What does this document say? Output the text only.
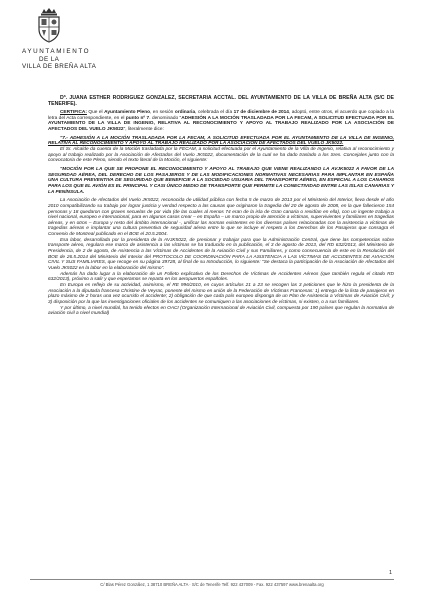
AYUNTAMIENTO
DE LA
VILLA DE BREÑA ALTA

Dª. JUANA ESTHER RODRIGUEZ GONZALEZ, SECRETARIA ACCTAL. DEL AYUNTAMIENTO DE LA VILLA DE BREÑA ALTA (S/C DE TENERIFE).

CERTIFICA: Que el Ayuntamiento Pleno, en sesión ordinaria, celebrada el día 17 de diciembre de 2014, adoptó, entre otros, el acuerdo que copiado a la letra del Acta correspondiente, en el punto nº 7. denominado "ADHESIÓN A LA MOCIÓN TRASLADADA POR LA FECAM, A SOLICITUD EFECTUADA POR EL AYUNTAMIENTO DE LA VILLA DE INGENIO, RELATIVA AL RECONOCIMIENTO Y APOYO AL TRABAJO REALIZADO POR LA ASOCIACIÓN DE AFECTADOS DEL VUELO JK5022", literalmente dice:

"7.- ADHESIÓN A LA MOCIÓN TRASLADADA POR LA FECAM, A SOLICITUD EFECTUADA POR EL AYUNTAMIENTO DE LA VILLA DE INGENIO, RELATIVA AL RECONOCIMIENTO Y APOYO AL TRABAJO REALIZADO POR LA ASOCIACIÓN DE AFECTADOS DEL VUELO JK5022.

El Sr. Alcalde da cuenta de la Moción trasladada por la FECAM, a solicitud efectuada por el Ayuntamiento de la Villa de Ingenio, relativa al reconocimiento y apoyo al trabajo realizado por la Asociación de Afectados del Vuelo JK5022, documentación de la cual se ha dado traslado a los Sres. Concejales junto con la convocatoria de este Pleno, siendo el texto literal de la Moción, el siguiente:

"MOCIÓN POR LA QUE SE PROPONE EL RECONOCIMIENTO Y APOYO AL TRABAJO QUE VIENE REALIZANDO LA AVJK5022 A FAVOR DE LA SEGURIDAD AÉREA, DEL DERECHO DE LOS PASAJEROS Y DE LAS MODIFICACIONES NORMATIVAS NECESARIAS PARA IMPLANTAR EN ESPAÑA UNA CULTURA PREVENTIVA DE SEGURIDAD QUE BENEFICIE A LA SOCIEDAD USUARIA DEL TRANSPORTE AÉREO, EN ESPECIAL A LOS CANARIOS PARA LOS QUE EL AVIÓN ES EL PRINCIPAL Y CASI ÚNICO MEDIO DE TRANSPORTE QUE PERMITE LA CONECTIVIDAD ENTRE LAS ISLAS CANARIAS Y LA PENÍNSULA.

La Asociación de Afectados del Vuelo JK5022, reconocida de utilidad pública con fecha 5 de marzo de 2013 por el Ministerio del Interior, lleva desde el año 2010 compatibilizando su trabajo por lograr justicia y verdad respecto a las causas que originaron la tragedia del 20 de agosto de 2008, en la que fallecieron 154 personas y 18 quedaron con graves secuelas de por vida (de las cuales al menos 74 eran de la isla de Gran canaria o residían en ella), con un ingente trabajo a nivel nacional, europeo e internacional, para en algunos casos crear – en España – un marco propio de atención a víctimas, supervivientes y familiares en tragedias aéreas, y en otros – Europa y resto del ámbito internacional -, unificar las normas existentes en los diversos países relacionadas con la asistencia a víctimas de tragedias aéreas e implantar una cultura preventiva de seguridad aérea entre lo que se incluye el respeto a los Derechos de los Pasajeros que consagra el Convenio de Montreal publicado en el BOE el 20.5.2004.

Esa labor, desarrollada por la presidenta de la AVJK5022, de presionar y trabajar para que la Administración Central, que tiene las competencias sobre transporte aéreo, regulara ese marco de asistencia a las víctimas se ha traducido en la publicación, el 3 de agosto de 2013, del RD 632/2013, del Ministerio de Presidencia, de 2 de agosto, de Asistencia a las Víctimas de Accidentes de la Aviación Civil y sus Familiares, y como consecuencia de este en la Resolución del BOE de 26.5.2014 del Ministerio del Interior del PROTOCOLO DE COORDINACIÓN PARA LA ASISTENCIA A LAS VÍCTIMAS DE ACCIDENTES DE AVIACIÓN CIVIL Y SUS FAMILIARES, que recoge en su página 39728, al final de su Introducción, lo siguiente: "Se destaca la participación de la Asociación de Afectados del Vuelo JK5022 en la labor en la elaboración del mismo".

Además ha dado lugar a la elaboración de un Folleto explicativo de los Derechos de Víctimas de Accidentes Aéreos (que también regula el citado RD 632/2013), próximo a salir y que esperamos se reparta en los aeropuertos españoles.

En Europa es reflejo de su actividad, asimismo, el RE 996/2010, en cuyos artículos 21 a 23 se recogen las 3 peticiones que le hizo la presidenta de la Asociación a la diputada francesa Christine de Veyrac, ponente del mismo en unión de la Federación de Víctimas Francesas: 1) entrega de la lista de pasajeros en plazo máximo de 2 horas una vez ocurrido el accidente; 2) obligación de que cada país europeo disponga de un Plan de Asistencia a Víctimas de Aviación Civil; y 3) disposición por la que las investigaciones oficiales de los accidentes se comuniquen a las asociaciones de víctimas, si existen, o a sus familiares.

Y por último, a nivel mundial, ha tenido efectos en OACI (Organización Internacional de Aviación Civil, compuesta por 190 países que regulan la normativa de aviación civil a nivel mundial)

1
C/ Blas Pérez González, 1 38710 BREÑA ALTA · S/C de Tenerife Telf. 922 437009 - Fax. 922 437597 www.brenaalta.org
